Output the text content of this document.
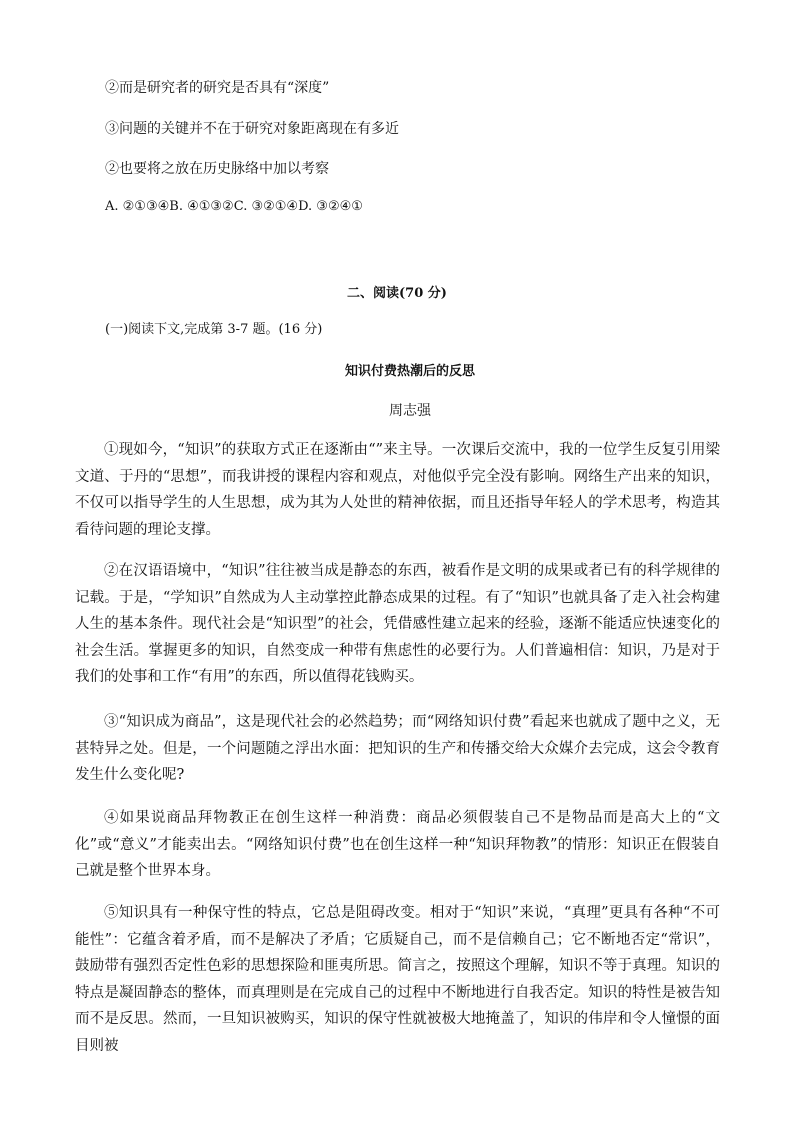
②而是研究者的研究是否具有“深度”
③问题的关键并不在于研究对象距离现在有多近
②也要将之放在历史脉络中加以考察
A. ②①③④B. ④①③②C. ③②①④D. ③②④①
二、阅读(70 分)
(一)阅读下文,完成第 3-7 题。(16 分)
知识付费热潮后的反思
周志强

①现如今，“知识”的获取方式正在逐渐由“”来主导。一次课后交流中，我的一位学生反复引用梁文道、于丹的“思想”，而我讲授的课程内容和观点，对他似乎完全没有影响。网络生产出来的知识，不仅可以指导学生的人生思想，成为其为人处世的精神依据，而且还指导年轻人的学术思考，构造其看待问题的理论支撑。

②在汉语语境中，“知识”往往被当成是静态的东西，被看作是文明的成果或者已有的科学规律的记载。于是，“学知识”自然成为人主动掌控此静态成果的过程。有了“知识”也就具备了走入社会构建人生的基本条件。现代社会是“知识型”的社会，凭借感性建立起来的经验，逐渐不能适应快速变化的社会生活。掌握更多的知识，自然变成一种带有焦虑性的必要行为。人们普遍相信：知识，乃是对于我们的处事和工作“有用”的东西，所以值得花钱购买。

③“知识成为商品”，这是现代社会的必然趋势；而“网络知识付费”看起来也就成了题中之义，无甚特异之处。但是，一个问题随之浮出水面：把知识的生产和传播交给大众媒介去完成，这会令教育发生什么变化呢?

④如果说商品拜物教正在创生这样一种消费：商品必须假装自己不是物品而是高大上的“文化”或“意义”才能卖出去。“网络知识付费”也在创生这样一种“知识拜物教”的情形：知识正在假装自己就是整个世界本身。

⑤知识具有一种保守性的特点，它总是阻碍改变。相对于“知识”来说，“真理”更具有各种“不可能性”：它蕴含着矛盾，而不是解决了矛盾；它质疑自己，而不是信赖自己；它不断地否定“常识”，鼓励带有强烈否定性色彩的思想探险和匪夷所思。简言之，按照这个理解，知识不等于真理。知识的特点是凝固静态的整体，而真理则是在完成自己的过程中不断地进行自我否定。知识的特性是被告知而不是反思。然而，一旦知识被购买，知识的保守性就被极大地掩盖了，知识的伟岸和令人憧憬的面目则被
